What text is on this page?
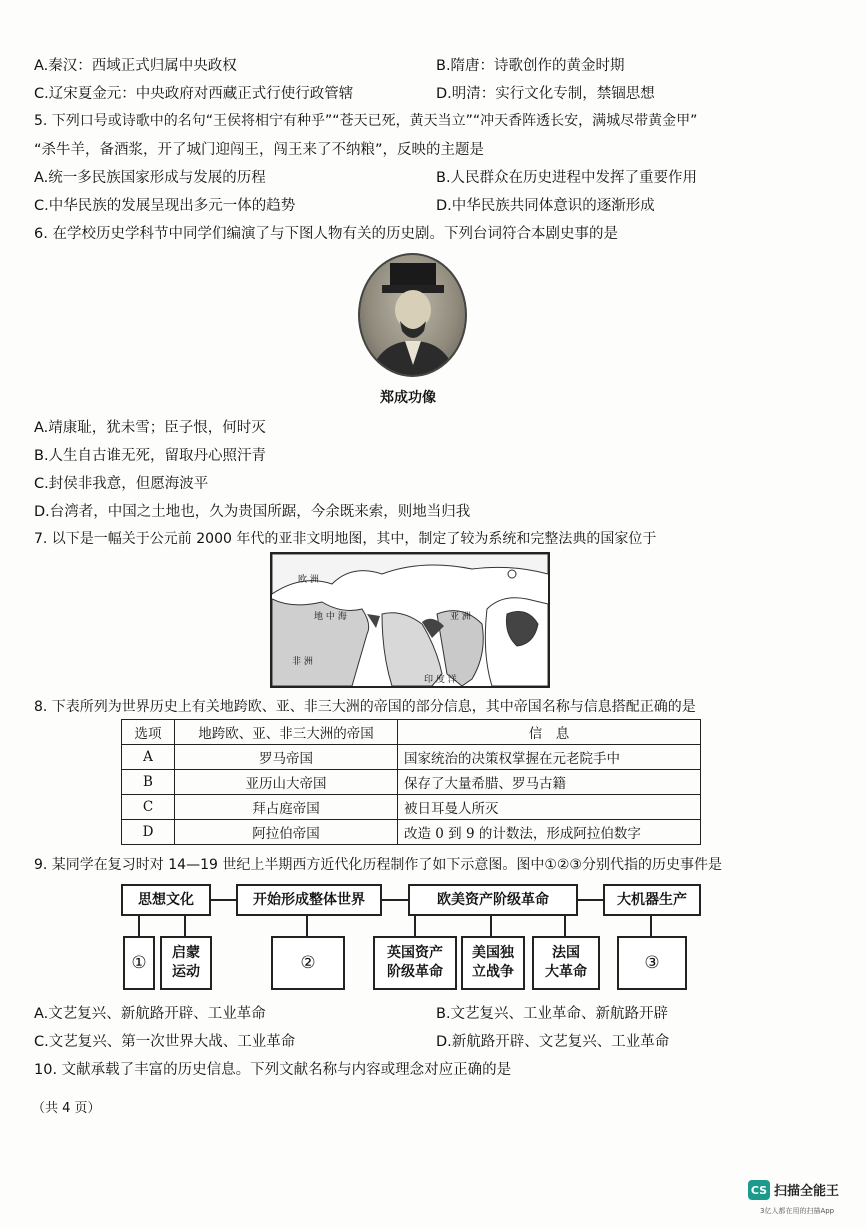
A.秦汉：西域正式归属中央政权	B.隋唐：诗歌创作的黄金时期
C.辽宋夏金元：中央政府对西藏正式行使行政管辖	D.明清：实行文化专制，禁锢思想
5. 下列口号或诗歌中的名句“王侯将相宁有种乎”“苍天已死，黄天当立”“冲天香阵透长安，满城尽带黄金甲”
“杀牛羊，备酒浆，开了城门迎闯王，闯王来了不纳粮”，反映的主题是
A.统一多民族国家形成与发展的历程	B.人民群众在历史进程中发挥了重要作用
C.中华民族的发展呈现出多元一体的趋势	D.中华民族共同体意识的逐渐形成
6. 在学校历史学科节中同学们编演了与下图人物有关的历史剧。下列台词符合本剧史事的是
郑成功像
A.靖康耻，犹未雪；臣子恨，何时灭
B.人生自古谁无死，留取丹心照汗青
C.封侯非我意，但愿海波平
D.台湾者，中国之土地也，久为贵国所踞，今余既来索，则地当归我
7. 以下是一幅关于公元前 2000 年代的亚非文明地图，其中，制定了较为系统和完整法典的国家位于
欧 洲
地 中 海	亚 洲
非 洲
印 度 洋
8. 下表所列为世界历史上有关地跨欧、亚、非三大洲的帝国的部分信息，其中帝国名称与信息搭配正确的是
选项	地跨欧、亚、非三大洲的帝国	信　息
A	罗马帝国	国家统治的决策权掌握在元老院手中
B	亚历山大帝国	保存了大量希腊、罗马古籍
C	拜占庭帝国	被日耳曼人所灭
D	阿拉伯帝国	改造 0 到 9 的计数法，形成阿拉伯数字
9. 某同学在复习时对 14—19 世纪上半期西方近代化历程制作了如下示意图。图中①②③分别代指的历史事件是
思想文化	开始形成整体世界	欧美资产阶级革命	大机器生产
①	启蒙
运动	②	英国资产
阶级革命
美国独
立战争
法国
大革命	③
A.文艺复兴、新航路开辟、工业革命	B.文艺复兴、工业革命、新航路开辟
C.文艺复兴、第一次世界大战、工业革命	D.新航路开辟、文艺复兴、工业革命
10. 文献承载了丰富的历史信息。下列文献名称与内容或理念对应正确的是
（共 4 页）
CS 扫描全能王
3亿人都在用的扫描App
